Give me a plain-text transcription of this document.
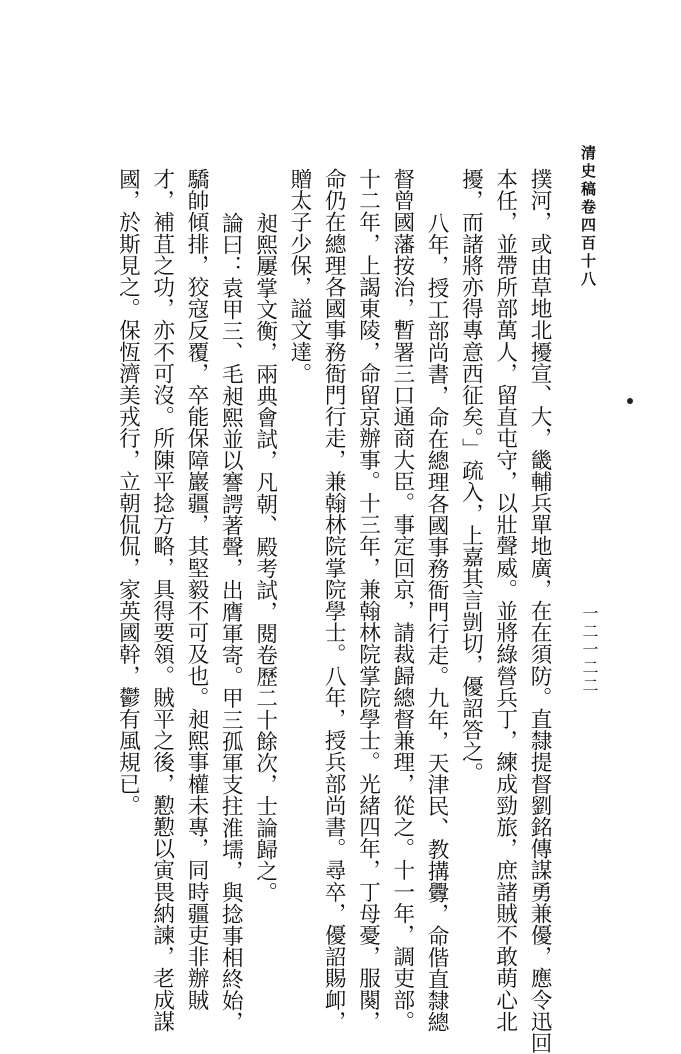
清史稿卷四百十八
一二一二二
撲河，或由草地北擾宣、大，畿輔兵單地廣，在在須防。直隸提督劉銘傳謀勇兼優，應令迅回
本任，並帶所部萬人，留直屯守，以壯聲威。並將綠營兵丁，練成勁旅，庶諸賊不敢萌心北
擾，而諸將亦得專意西征矣。」疏入，上嘉其言剴切，優詔答之。
八年，授工部尚書，命在總理各國事務衙門行走。九年，天津民、教搆釁，命偕直隸總
督曾國藩按治，暫署三口通商大臣。事定回京，請裁歸總督兼理，從之。十一年，調吏部。
十二年，上謁東陵，命留京辦事。十三年，兼翰林院掌院學士。光緒四年，丁母憂，服闋，
命仍在總理各國事務衙門行走，兼翰林院掌院學士。八年，授兵部尚書。尋卒，優詔賜卹，
贈太子少保，謚文達。
昶熙屢掌文衡，兩典會試，凡朝、殿考試，閱卷歷二十餘次，士論歸之。
論曰：袁甲三、毛昶熙並以謇諤著聲，出膺軍寄。甲三孤軍支拄淮壖，與捻事相終始，
驕帥傾排，狡寇反覆，卒能保障巖疆，其堅毅不可及也。昶熙事權未專，同時疆吏非辦賊
才，補苴之功，亦不可沒。所陳平捻方略，具得要領。賊平之後，懃懃以寅畏納諫，老成謀
國，於斯見之。保恆濟美戎行，立朝侃侃，家英國幹，鬱有風規已。
